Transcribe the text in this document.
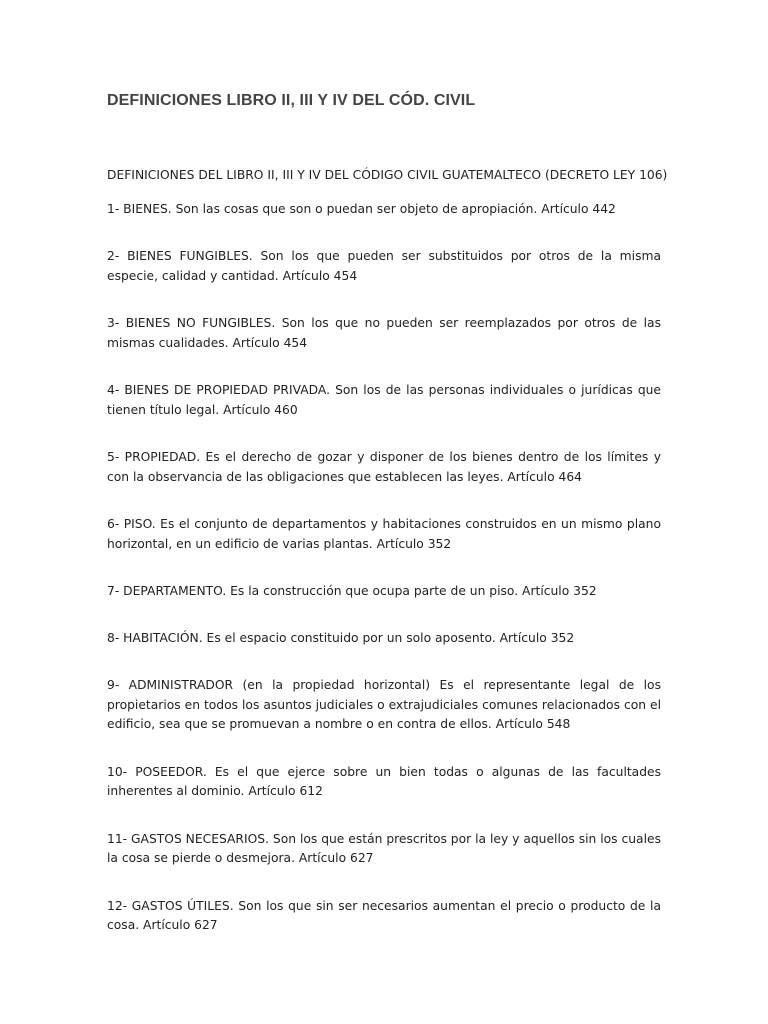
DEFINICIONES LIBRO II, III Y IV DEL CÓD. CIVIL

DEFINICIONES DEL LIBRO II, III Y IV DEL CÓDIGO CIVIL GUATEMALTECO (DECRETO LEY 106)

1- BIENES. Son las cosas que son o puedan ser objeto de apropiación. Artículo 442
2- BIENES FUNGIBLES. Son los que pueden ser substituidos por otros de la misma especie, calidad y cantidad. Artículo 454
3- BIENES NO FUNGIBLES. Son los que no pueden ser reemplazados por otros de las mismas cualidades. Artículo 454
4- BIENES DE PROPIEDAD PRIVADA. Son los de las personas individuales o jurídicas que tienen título legal. Artículo 460
5- PROPIEDAD. Es el derecho de gozar y disponer de los bienes dentro de los límites y con la observancia de las obligaciones que establecen las leyes. Artículo 464
6- PISO. Es el conjunto de departamentos y habitaciones construidos en un mismo plano horizontal, en un edificio de varias plantas. Artículo 352
7- DEPARTAMENTO. Es la construcción que ocupa parte de un piso. Artículo 352
8- HABITACIÓN. Es el espacio constituido por un solo aposento. Artículo 352
9- ADMINISTRADOR (en la propiedad horizontal) Es el representante legal de los propietarios en todos los asuntos judiciales o extrajudiciales comunes relacionados con el edificio, sea que se promuevan a nombre o en contra de ellos. Artículo 548
10- POSEEDOR. Es el que ejerce sobre un bien todas o algunas de las facultades inherentes al dominio. Artículo 612
11- GASTOS NECESARIOS. Son los que están prescritos por la ley y aquellos sin los cuales la cosa se pierde o desmejora. Artículo 627
12- GASTOS ÚTILES. Son los que sin ser necesarios aumentan el precio o producto de la cosa. Artículo 627
